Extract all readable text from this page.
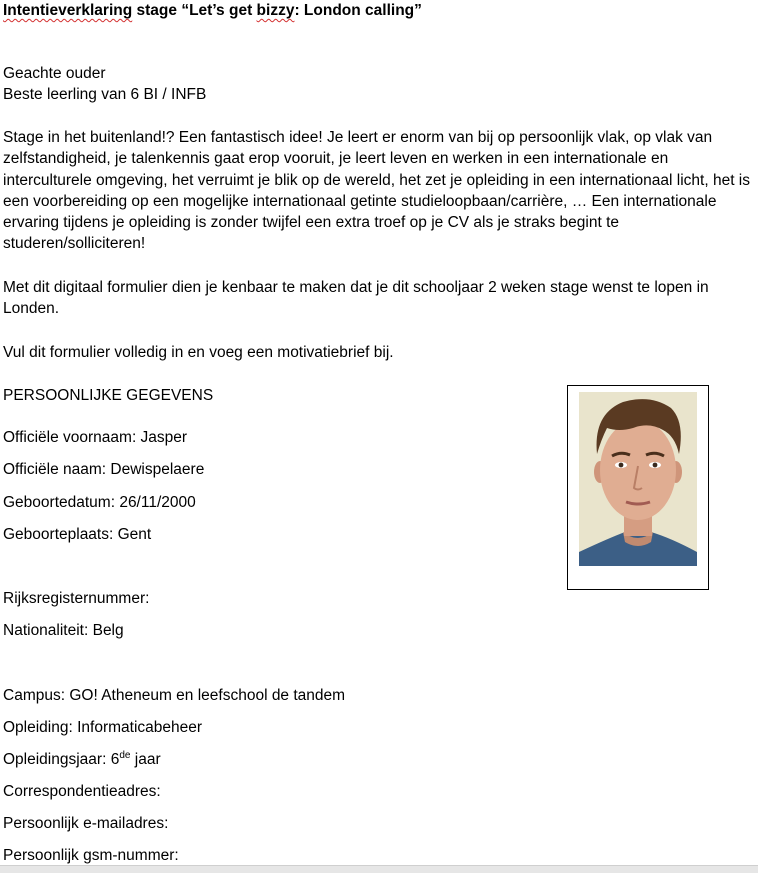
Intentieverklaring stage “Let’s get bizzy: London calling”
Geachte ouder
Beste leerling van 6 BI / INFB
Stage in het buitenland!? Een fantastisch idee! Je leert er enorm van bij op persoonlijk vlak, op vlak van zelfstandigheid, je talenkennis gaat erop vooruit, je leert leven en werken in een internationale en interculturele omgeving, het verruimt je blik op de wereld, het zet je opleiding in een internationaal licht, het is een voorbereiding op een mogelijke internationaal getinte studieloopbaan/carrière, … Een internationale ervaring tijdens je opleiding is zonder twijfel een extra troef op je CV als je straks begint te studeren/solliciteren!
Met dit digitaal formulier dien je kenbaar te maken dat je dit schooljaar 2 weken stage wenst te lopen in Londen.
Vul dit formulier volledig in en voeg een motivatiebrief bij.
PERSOONLIJKE GEGEVENS
Officiële voornaam: Jasper
Officiële naam: Dewispelaere
Geboortedatum: 26/11/2000
Geboorteplaats: Gent
Rijksregisternummer:
Nationaliteit: Belg
Campus: GO! Atheneum en leefschool de tandem
Opleiding: Informaticabeheer
Opleidingsjaar: 6de jaar
Correspondentieadres:
Persoonlijk e-mailadres:
Persoonlijk gsm-nummer:
